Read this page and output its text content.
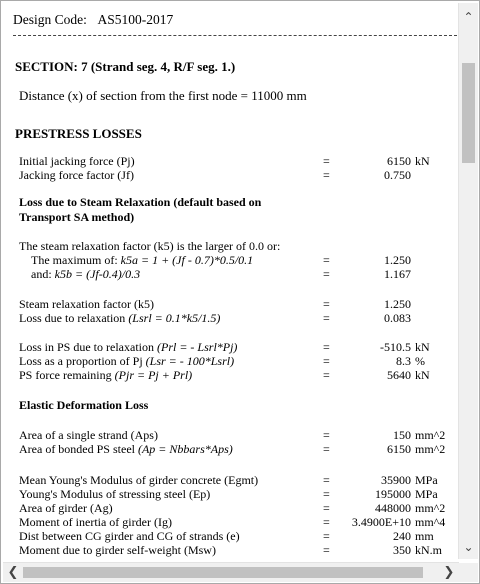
Design Code: AS5100-2017
SECTION: 7 (Strand seg. 4, R/F seg. 1.)
Distance (x) of section from the first node = 11000 mm
PRESTRESS LOSSES
Initial jacking force (Pj)	=	6150 kN
Jacking force factor (Jf)	=	0.750
Loss due to Steam Relaxation (default based on
Transport SA method)
The steam relaxation factor (k5) is the larger of 0.0 or:
The maximum of: k5a = 1 + (Jf - 0.7)*0.5/0.1	=	1.250
and: k5b = (Jf-0.4)/0.3	=	1.167
Steam relaxation factor (k5)	=	1.250
Loss due to relaxation (Lsrl = 0.1*k5/1.5)	=	0.083
Loss in PS due to relaxation (Prl = - Lsrl*Pj)	=	-510.5 kN
Loss as a proportion of Pj (Lsr = - 100*Lsrl)	=	8.3 %
PS force remaining (Pjr = Pj + Prl)	=	5640 kN
Elastic Deformation Loss
Area of a single strand (Aps)	=	150 mm^2
Area of bonded PS steel (Ap = Nbbars*Aps)	=	6150 mm^2
Mean Young's Modulus of girder concrete (Egmt)	=	35900 MPa
Young's Modulus of stressing steel (Ep)	=	195000 MPa
Area of girder (Ag)	=	448000 mm^2
Moment of inertia of girder (Ig)	= 3.4900E+10 mm^4
Dist between CG girder and CG of strands (e)	=	240 mm
Moment due to girder self-weight (Msw)	=	350 kN.m
⌃
⌄
❮	❯
